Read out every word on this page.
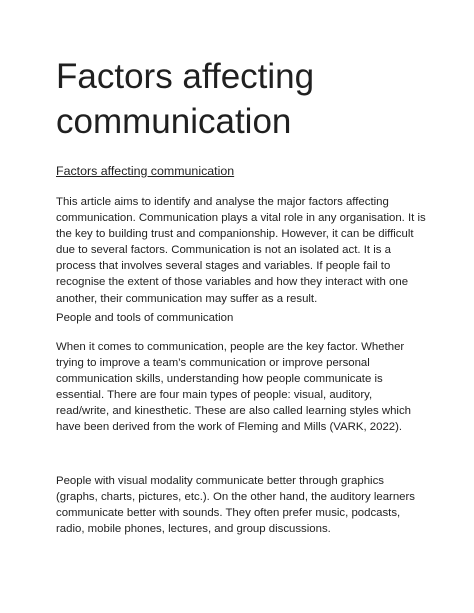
Factors affecting communication

Factors affecting communication

This article aims to identify and analyse the major factors affecting communication. Communication plays a vital role in any organisation. It is the key to building trust and companionship. However, it can be difficult due to several factors. Communication is not an isolated act. It is a process that involves several stages and variables. If people fail to recognise the extent of those variables and how they interact with one another, their communication may suffer as a result.

People and tools of communication

When it comes to communication, people are the key factor. Whether trying to improve a team’s communication or improve personal communication skills, understanding how people communicate is essential. There are four main types of people: visual, auditory, read/write, and kinesthetic. These are also called learning styles which have been derived from the work of Fleming and Mills (VARK, 2022).

People with visual modality communicate better through graphics (graphs, charts, pictures, etc.). On the other hand, the auditory learners communicate better with sounds. They often prefer music, podcasts, radio, mobile phones, lectures, and group discussions.
